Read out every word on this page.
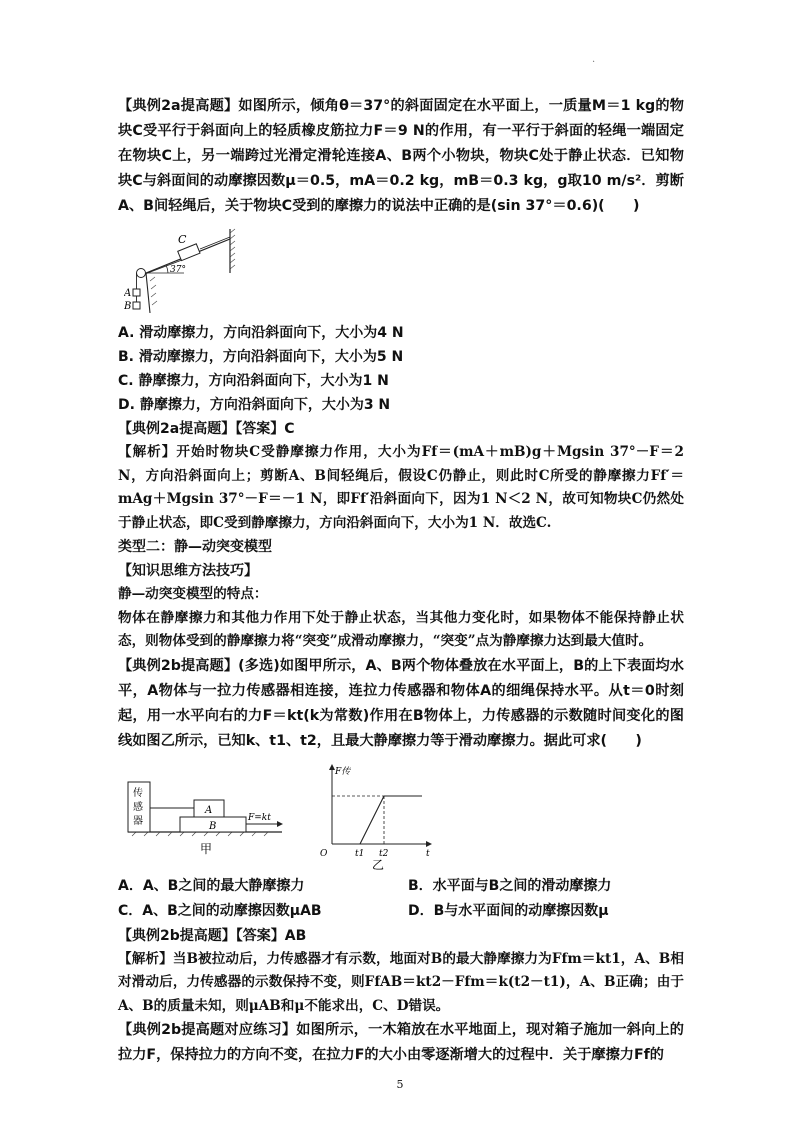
.

【典例2a提高题】如图所示，倾角θ＝37°的斜面固定在水平面上，一质量M＝1 kg的物块C受平行于斜面向上的轻质橡皮筋拉力F＝9 N的作用，有一平行于斜面的轻绳一端固定在物块C上，另一端跨过光滑定滑轮连接A、B两个小物块，物块C处于静止状态．已知物块C与斜面间的动摩擦因数μ＝0.5，mA＝0.2 kg，mB＝0.3 kg，g取10 m/s²．剪断A、B间轻绳后，关于物块C受到的摩擦力的说法中正确的是(sin 37°＝0.6)(　　)

C
37°
A
B

A. 滑动摩擦力，方向沿斜面向下，大小为4 N

B. 滑动摩擦力，方向沿斜面向下，大小为5 N

C. 静摩擦力，方向沿斜面向下，大小为1 N

D. 静摩擦力，方向沿斜面向下，大小为3 N

【典例2a提高题】【答案】C

【解析】开始时物块C受静摩擦力作用，大小为Ff＝(mA＋mB)g＋Mgsin 37°－F＝2 N，方向沿斜面向上；剪断A、B间轻绳后，假设C仍静止，则此时C所受的静摩擦力Ff′＝mAg＋Mgsin 37°－F＝－1 N，即Ff′沿斜面向下，因为1 N＜2 N，故可知物块C仍然处于静止状态，即C受到静摩擦力，方向沿斜面向下，大小为1 N．故选C.

类型二：静—动突变模型

【知识思维方法技巧】

静—动突变模型的特点：

物体在静摩擦力和其他力作用下处于静止状态，当其他力变化时，如果物体不能保持静止状态，则物体受到的静摩擦力将“突变”成滑动摩擦力，“突变”点为静摩擦力达到最大值时。

【典例2b提高题】(多选)如图甲所示，A、B两个物体叠放在水平面上，B的上下表面均水平，A物体与一拉力传感器相连接，连拉力传感器和物体A的细绳保持水平。从t＝0时刻起，用一水平向右的力F＝kt(k为常数)作用在B物体上，力传感器的示数随时间变化的图线如图乙所示，已知k、t1、t2，且最大静摩擦力等于滑动摩擦力。据此可求(　　)

传
感
器
A
B
F=kt
甲
F传
O	t1 t2	t
乙
A．A、B之间的最大静摩擦力	B．水平面与B之间的滑动摩擦力
C．A、B之间的动摩擦因数μAB	D．B与水平面间的动摩擦因数μ

【典例2b提高题】【答案】AB

【解析】当B被拉动后，力传感器才有示数，地面对B的最大静摩擦力为Ffm＝kt1，A、B相对滑动后，力传感器的示数保持不变，则FfAB＝kt2－Ffm＝k(t2－t1)，A、B正确；由于A、B的质量未知，则μAB和μ不能求出，C、D错误。

【典例2b提高题对应练习】如图所示，一木箱放在水平地面上，现对箱子施加一斜向上的拉力F，保持拉力的方向不变，在拉力F的大小由零逐渐增大的过程中．关于摩擦力Ff的

5
